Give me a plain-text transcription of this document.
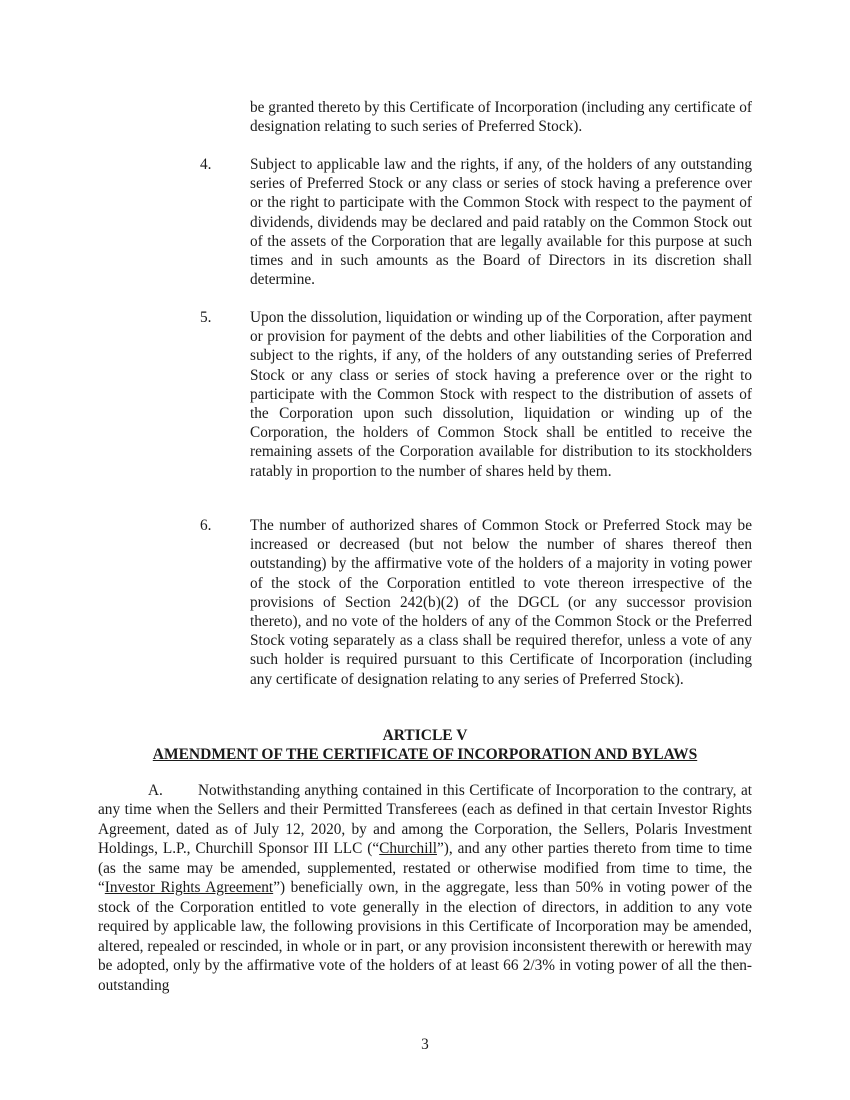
be granted thereto by this Certificate of Incorporation (including any certificate of designation relating to such series of Preferred Stock).
4.	Subject to applicable law and the rights, if any, of the holders of any outstanding series of Preferred Stock or any class or series of stock having a preference over or the right to participate with the Common Stock with respect to the payment of dividends, dividends may be declared and paid ratably on the Common Stock out of the assets of the Corporation that are legally available for this purpose at such times and in such amounts as the Board of Directors in its discretion shall determine.
5.	Upon the dissolution, liquidation or winding up of the Corporation, after payment or provision for payment of the debts and other liabilities of the Corporation and subject to the rights, if any, of the holders of any outstanding series of Preferred Stock or any class or series of stock having a preference over or the right to participate with the Common Stock with respect to the distribution of assets of the Corporation upon such dissolution, liquidation or winding up of the Corporation, the holders of Common Stock shall be entitled to receive the remaining assets of the Corporation available for distribution to its stockholders ratably in proportion to the number of shares held by them.
6.	The number of authorized shares of Common Stock or Preferred Stock may be increased or decreased (but not below the number of shares thereof then outstanding) by the affirmative vote of the holders of a majority in voting power of the stock of the Corporation entitled to vote thereon irrespective of the provisions of Section 242(b)(2) of the DGCL (or any successor provision thereto), and no vote of the holders of any of the Common Stock or the Preferred Stock voting separately as a class shall be required therefor, unless a vote of any such holder is required pursuant to this Certificate of Incorporation (including any certificate of designation relating to any series of Preferred Stock).
ARTICLE V
AMENDMENT OF THE CERTIFICATE OF INCORPORATION AND BYLAWS
A. Notwithstanding anything contained in this Certificate of Incorporation to the contrary, at any time when the Sellers and their Permitted Transferees (each as defined in that certain Investor Rights Agreement, dated as of July 12, 2020, by and among the Corporation, the Sellers, Polaris Investment Holdings, L.P., Churchill Sponsor III LLC (“Churchill”), and any other parties thereto from time to time (as the same may be amended, supplemented, restated or otherwise modified from time to time, the “Investor Rights Agreement”) beneficially own, in the aggregate, less than 50% in voting power of the stock of the Corporation entitled to vote generally in the election of directors, in addition to any vote required by applicable law, the following provisions in this Certificate of Incorporation may be amended, altered, repealed or rescinded, in whole or in part, or any provision inconsistent therewith or herewith may be adopted, only by the affirmative vote of the holders of at least 66 2/3% in voting power of all the then-outstanding
3
